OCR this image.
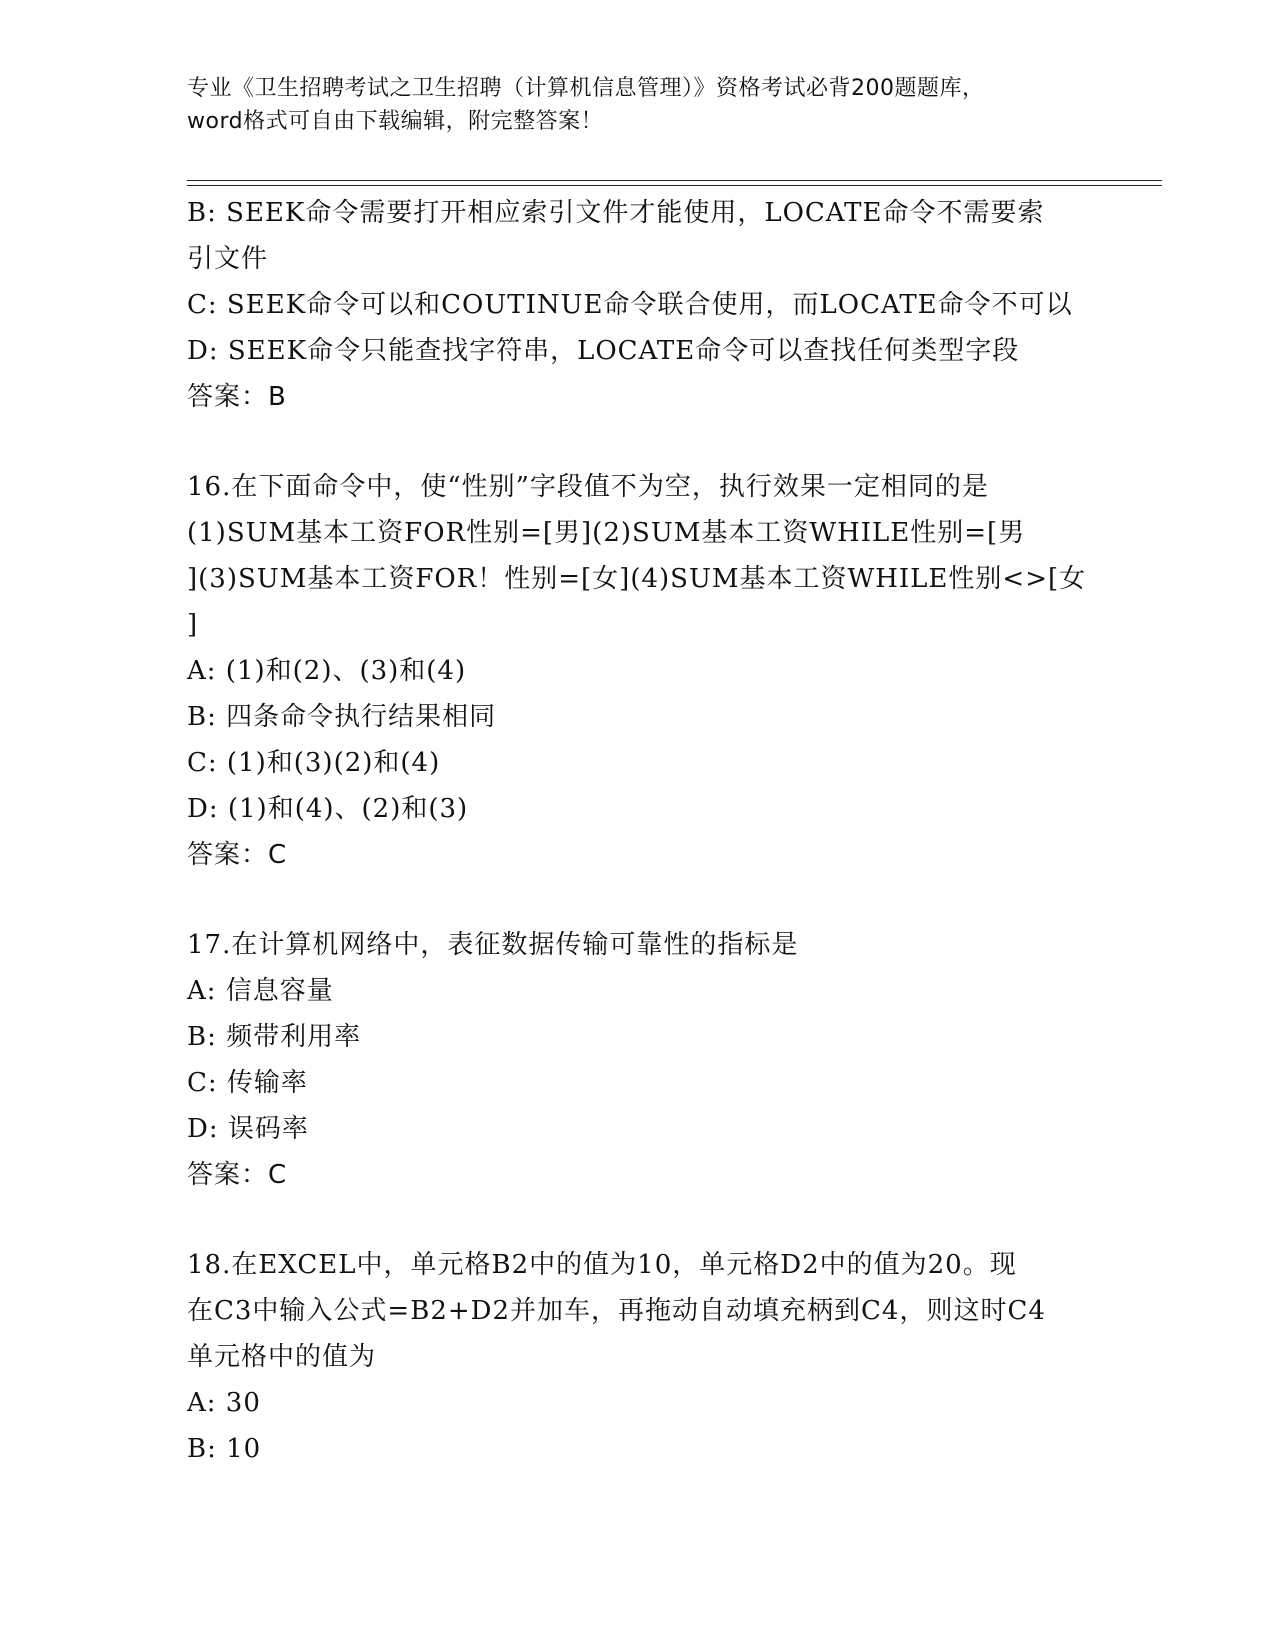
专业《卫生招聘考试之卫生招聘（计算机信息管理）》资格考试必背200题题库，
word格式可自由下载编辑，附完整答案！
B: SEEK命令需要打开相应索引文件才能使用，LOCATE命令不需要索
引文件
C: SEEK命令可以和COUTINUE命令联合使用，而LOCATE命令不可以
D: SEEK命令只能查找字符串，LOCATE命令可以查找任何类型字段
答案：B
16.在下面命令中，使“性别”字段值不为空，执行效果一定相同的是
(1)SUM基本工资FOR性别=[男](2)SUM基本工资WHILE性别=[男
](3)SUM基本工资FOR！性别=[女](4)SUM基本工资WHILE性别<>[女
]
A: (1)和(2)、(3)和(4)
B: 四条命令执行结果相同
C: (1)和(3)(2)和(4)
D: (1)和(4)、(2)和(3)
答案：C
17.在计算机网络中，表征数据传输可靠性的指标是
A: 信息容量
B: 频带利用率
C: 传输率
D: 误码率
答案：C
18.在EXCEL中，单元格B2中的值为10，单元格D2中的值为20。现
在C3中输入公式=B2+D2并加车，再拖动自动填充柄到C4，则这时C4
单元格中的值为
A: 30
B: 10
